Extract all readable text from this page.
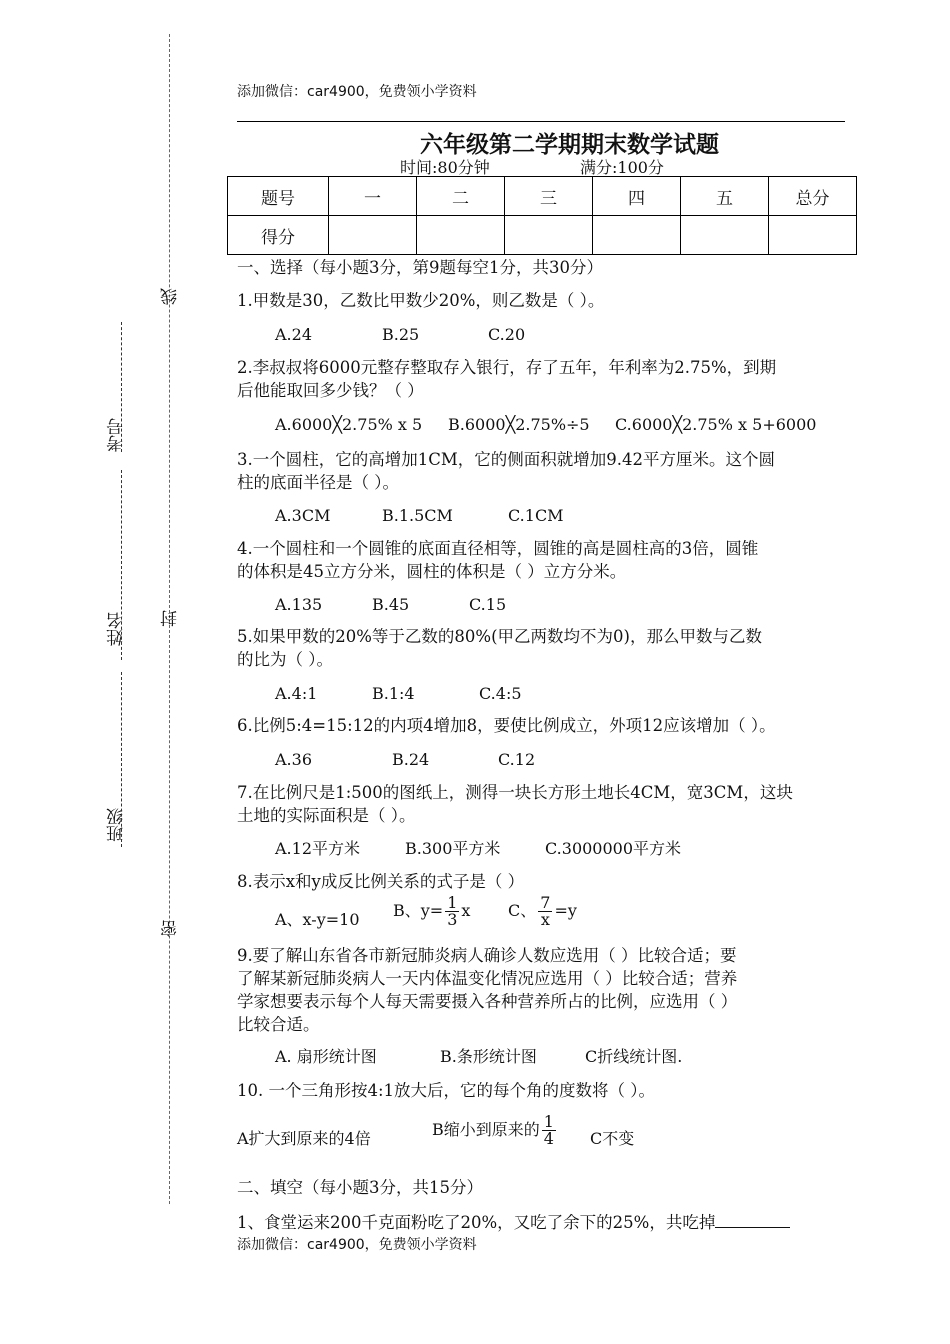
线
封
密
考号
姓名
班级
添加微信：car4900，免费领小学资料
六年级第二学期期末数学试题
时间:80分钟	满分:100分
题号	一	二	三	四	五	总分
得分						
一、选择（每小题3分，第9题每空1分，共30分）
1.甲数是30，乙数比甲数少20%，则乙数是（ ）。
A.24	B.25	C.20
2.李叔叔将6000元整存整取存入银行，存了五年，年利率为2.75%，到期
后他能取回多少钱？（ ）
A.6000╳2.75% x 5 B.6000╳2.75%÷5 C.6000╳2.75% x 5+6000
3.一个圆柱，它的高增加1CM，它的侧面积就增加9.42平方厘米。这个圆
柱的底面半径是（ ）。
A.3CM	B.1.5CM	C.1CM
4.一个圆柱和一个圆锥的底面直径相等，圆锥的高是圆柱高的3倍，圆锥
的体积是45立方分米，圆柱的体积是（ ）立方分米。
A.135	B.45	C.15
5.如果甲数的20%等于乙数的80%(甲乙两数均不为0)，那么甲数与乙数
的比为（ ）。
A.4:1	B.1:4	C.4:5
6.比例5:4=15:12的内项4增加8，要使比例成立，外项12应该增加（ ）。
A.36	B.24	C.12
7.在比例尺是1:500的图纸上，测得一块长方形土地长4CM，宽3CM，这块
土地的实际面积是（ ）。
A.12平方米	B.300平方米	C.3000000平方米
8.表示x和y成反比例关系的式子是（ ）
A、x-y=10 B、$y= \frac{1}{3}$ x C、 $\frac{7}{x} =y$
9.要了解山东省各市新冠肺炎病人确诊人数应选用（ ）比较合适；要
了解某新冠肺炎病人一天内体温变化情况应选用（ ）比较合适；营养
学家想要表示每个人每天需要摄入各种营养所占的比例，应选用（ ）
比较合适。
A. 扇形统计图	B.条形统计图	C折线统计图.
10. 一个三角形按4:1放大后，它的每个角的度数将（ ）。
A扩大到原来的4倍	B缩小到原来的 $\frac{1}{4}$ C不变
二、填空（每小题3分，共15分）
1、食堂运来200千克面粉吃了20%，又吃了余下的25%，共吃掉
添加微信：car4900，免费领小学资料
